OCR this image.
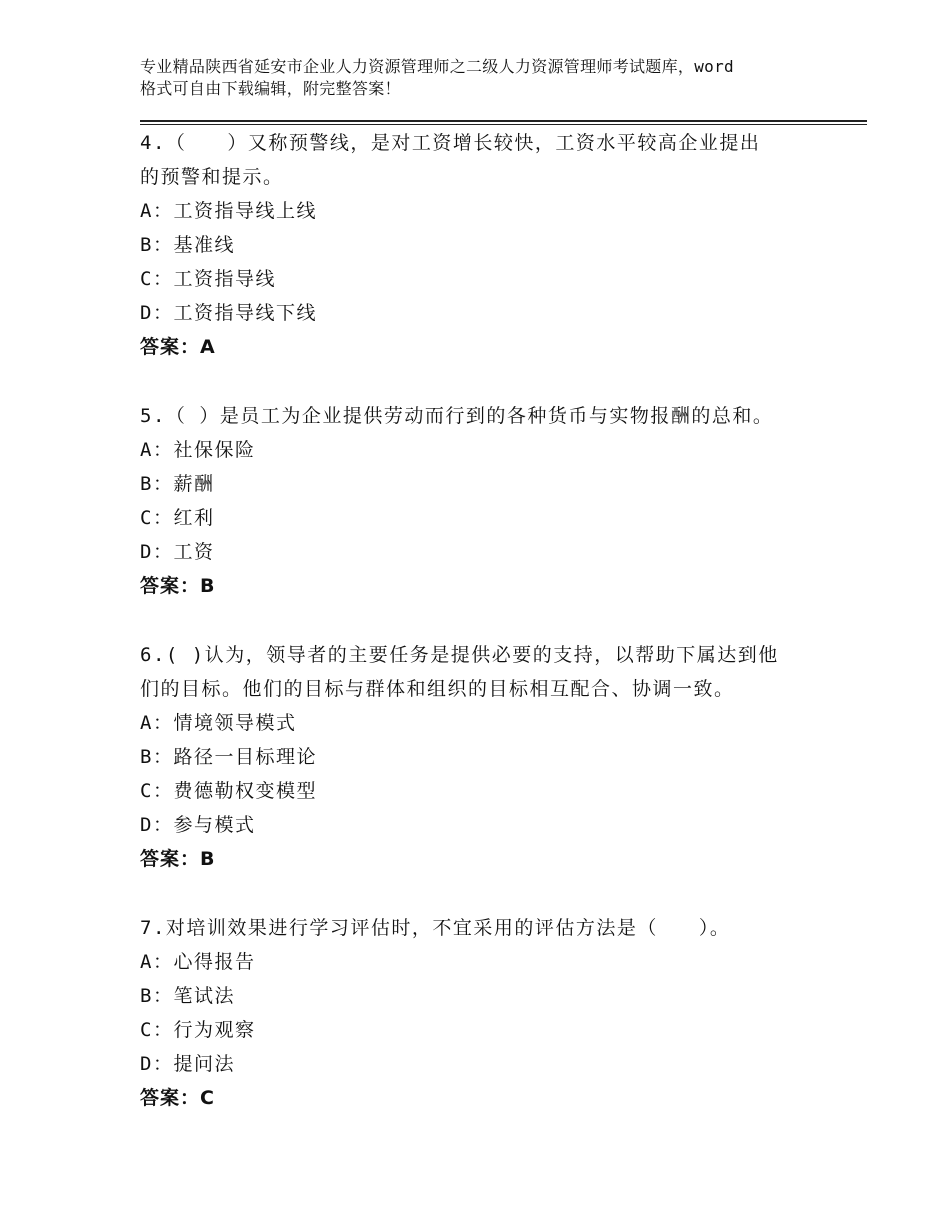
专业精品陕西省延安市企业人力资源管理师之二级人力资源管理师考试题库，word
格式可自由下载编辑，附完整答案！
4.（　　）又称预警线，是对工资增长较快，工资水平较高企业提出
的预警和提示。
A：工资指导线上线
B：基准线
C：工资指导线
D：工资指导线下线
答案：A
5.（ ）是员工为企业提供劳动而行到的各种货币与实物报酬的总和。
A：社保保险
B：薪酬
C：红利
D：工资
答案：B
6.( )认为，领导者的主要任务是提供必要的支持，以帮助下属达到他
们的目标。他们的目标与群体和组织的目标相互配合、协调一致。
A：情境领导模式
B：路径一目标理论
C：费德勒权变模型
D：参与模式
答案：B
7.对培训效果进行学习评估时，不宜采用的评估方法是（　　）。
A：心得报告
B：笔试法
C：行为观察
D：提问法
答案：C
